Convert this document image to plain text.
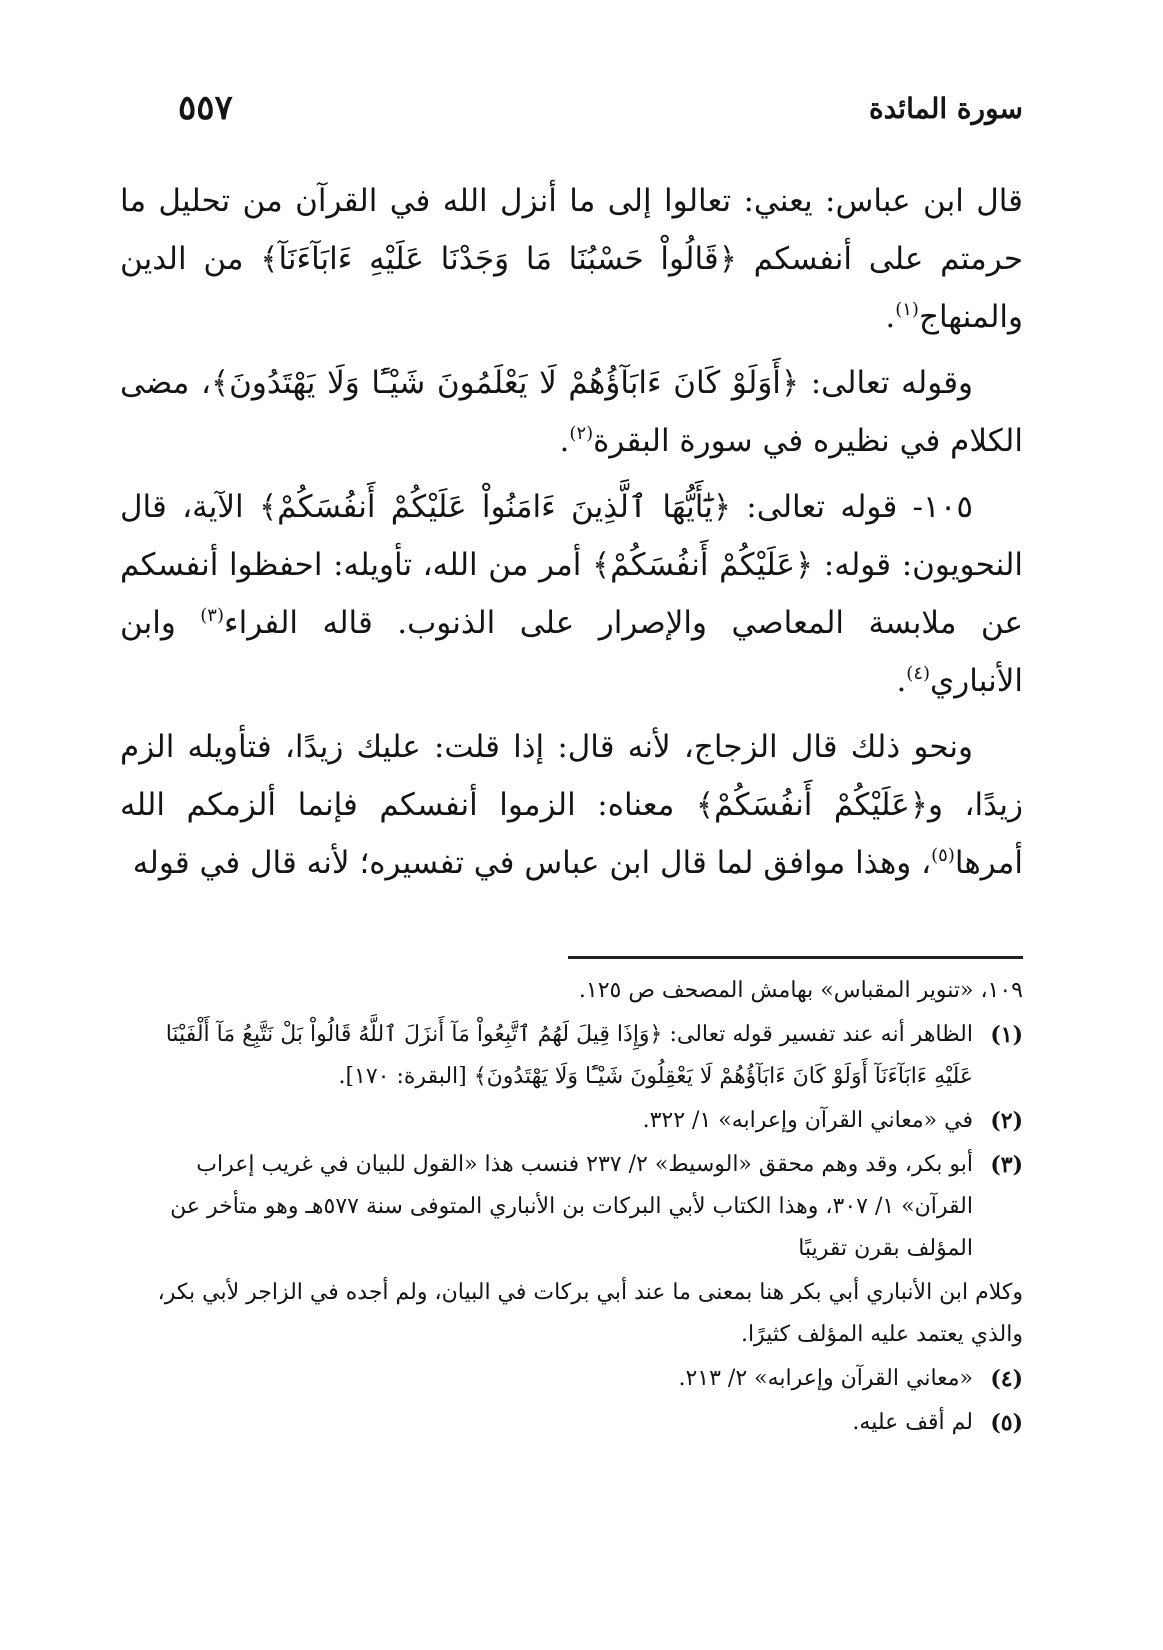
سورة المائدة
٥٥٧

قال ابن عباس: يعني: تعالوا إلى ما أنزل الله في القرآن من تحليل ما حرمتم على أنفسكم ﴿قَالُواْ حَسْبُنَا مَا وَجَدْنَا عَلَيْهِ ءَابَآءَنَآ﴾ من الدين والمنهاج$^{(١)}$.

وقوله تعالى: ﴿أَوَلَوْ كَانَ ءَابَآؤُهُمْ لَا يَعْلَمُونَ شَيْـًٔا وَلَا يَهْتَدُونَ﴾، مضى الكلام في نظيره في سورة البقرة$^{(٢)}$.

١٠٥- قوله تعالى: ﴿يَٰٓأَيُّهَا ٱلَّذِينَ ءَامَنُواْ عَلَيْكُمْ أَنفُسَكُمْ﴾ الآية، قال النحويون: قوله: ﴿عَلَيْكُمْ أَنفُسَكُمْ﴾ أمر من الله، تأويله: احفظوا أنفسكم عن ملابسة المعاصي والإصرار على الذنوب. قاله الفراء$^{(٣)}$ وابن الأنباري$^{(٤)}$.

ونحو ذلك قال الزجاج، لأنه قال: إذا قلت: عليك زيدًا، فتأويله الزم زيدًا، و﴿عَلَيْكُمْ أَنفُسَكُمْ﴾ معناه: الزموا أنفسكم فإنما ألزمكم الله أمرها$^{(٥)}$، وهذا موافق لما قال ابن عباس في تفسيره؛ لأنه قال في قوله

١٠٩، «تنوير المقباس» بهامش المصحف ص ١٢٥.
(١)
الظاهر أنه عند تفسير قوله تعالى: ﴿وَإِذَا قِيلَ لَهُمُ ٱتَّبِعُواْ مَآ أَنزَلَ ٱللَّهُ قَالُواْ بَلْ نَتَّبِعُ مَآ أَلْفَيْنَا عَلَيْهِ ءَابَآءَنَآ أَوَلَوْ كَانَ ءَابَآؤُهُمْ لَا يَعْقِلُونَ شَيْـًٔا وَلَا يَهْتَدُونَ﴾ [البقرة: ١٧٠].
(٢)
في «معاني القرآن وإعرابه» ١/ ٣٢٢.
(٣)
أبو بكر، وقد وهم محقق «الوسيط» ٢/ ٢٣٧ فنسب هذا «القول للبيان في غريب إعراب القرآن» ١/ ٣٠٧، وهذا الكتاب لأبي البركات بن الأنباري المتوفى سنة ٥٧٧هـ وهو متأخر عن المؤلف بقرن تقريبًا
وكلام ابن الأنباري أبي بكر هنا بمعنى ما عند أبي بركات في البيان، ولم أجده في الزاجر لأبي بكر، والذي يعتمد عليه المؤلف كثيرًا.
(٤)
«معاني القرآن وإعرابه» ٢/ ٢١٣.
(٥)
لم أقف عليه.
